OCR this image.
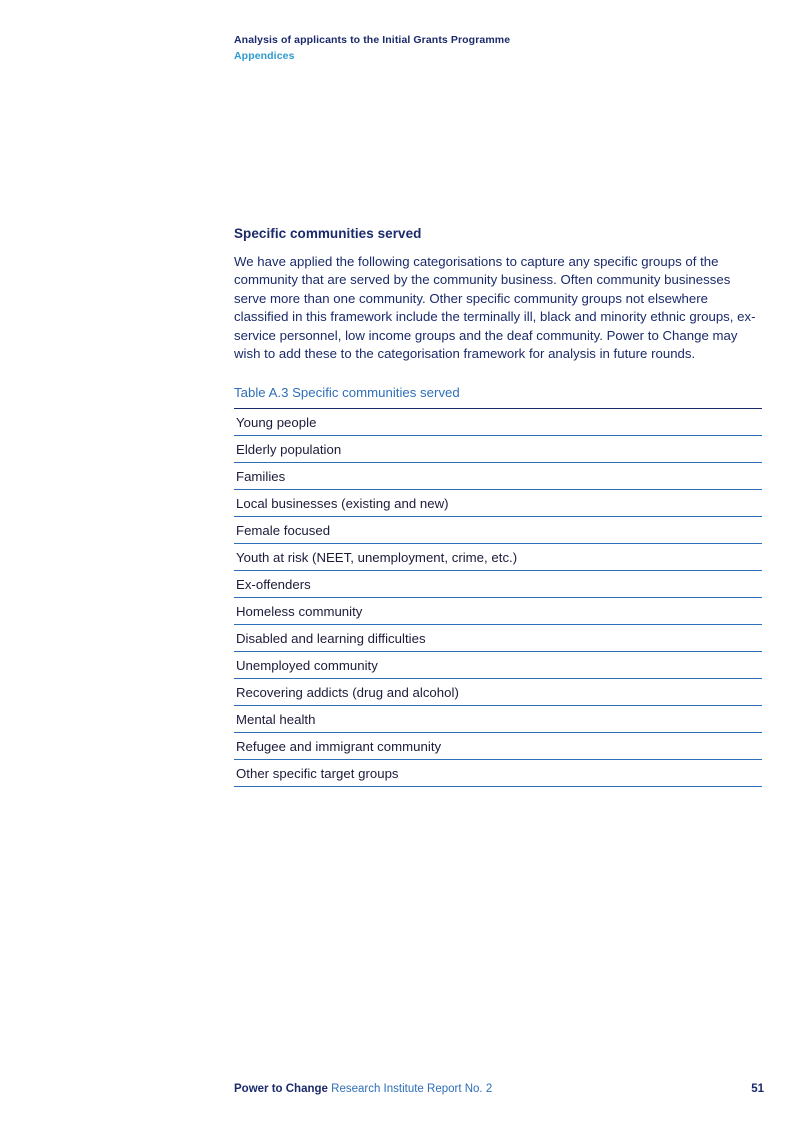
Analysis of applicants to the Initial Grants Programme
Appendices
Specific communities served

We have applied the following categorisations to capture any specific groups of the community that are served by the community business. Often community businesses serve more than one community. Other specific community groups not elsewhere classified in this framework include the terminally ill, black and minority ethnic groups, ex-service personnel, low income groups and the deaf community. Power to Change may wish to add these to the categorisation framework for analysis in future rounds.

Table A.3 Specific communities served
Young people
Elderly population
Families
Local businesses (existing and new)
Female focused
Youth at risk (NEET, unemployment, crime, etc.)
Ex-offenders
Homeless community
Disabled and learning difficulties
Unemployed community
Recovering addicts (drug and alcohol)
Mental health
Refugee and immigrant community
Other specific target groups
Power to Change Research Institute Report No. 2	51
